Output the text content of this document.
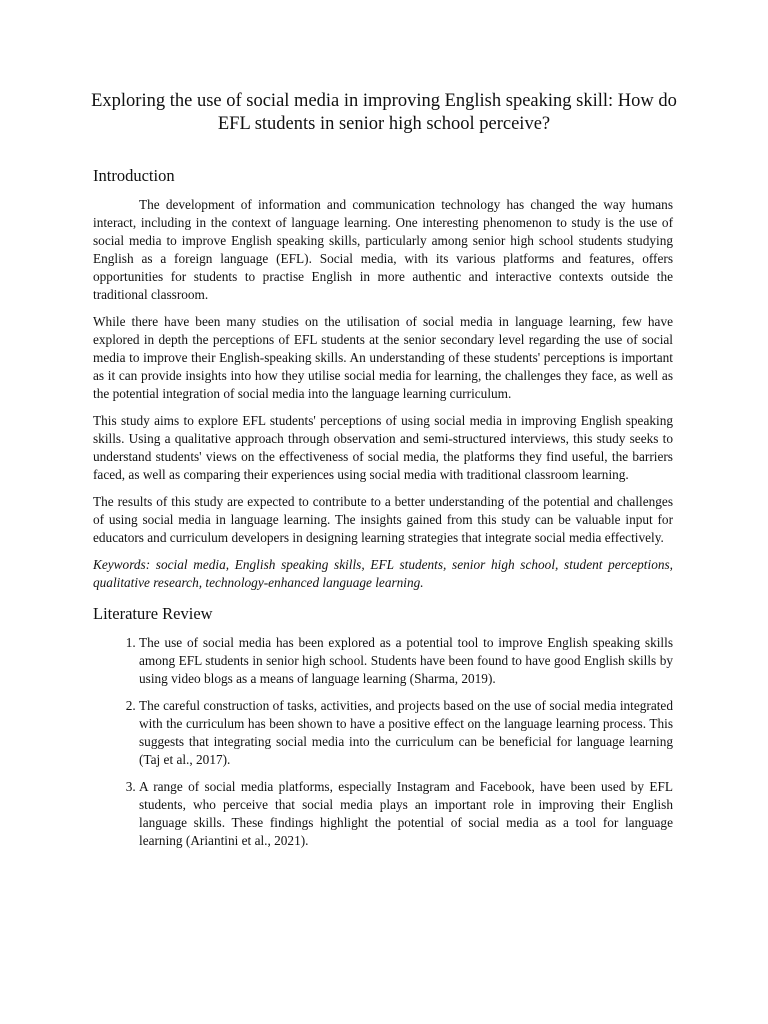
Exploring the use of social media in improving English speaking skill: How do EFL students in senior high school perceive?
Introduction

The development of information and communication technology has changed the way humans interact, including in the context of language learning. One interesting phenomenon to study is the use of social media to improve English speaking skills, particularly among senior high school students studying English as a foreign language (EFL). Social media, with its various platforms and features, offers opportunities for students to practise English in more authentic and interactive contexts outside the traditional classroom.

While there have been many studies on the utilisation of social media in language learning, few have explored in depth the perceptions of EFL students at the senior secondary level regarding the use of social media to improve their English-speaking skills. An understanding of these students' perceptions is important as it can provide insights into how they utilise social media for learning, the challenges they face, as well as the potential integration of social media into the language learning curriculum.

This study aims to explore EFL students' perceptions of using social media in improving English speaking skills. Using a qualitative approach through observation and semi-structured interviews, this study seeks to understand students' views on the effectiveness of social media, the platforms they find useful, the barriers faced, as well as comparing their experiences using social media with traditional classroom learning.

The results of this study are expected to contribute to a better understanding of the potential and challenges of using social media in language learning. The insights gained from this study can be valuable input for educators and curriculum developers in designing learning strategies that integrate social media effectively.

Keywords: social media, English speaking skills, EFL students, senior high school, student perceptions, qualitative research, technology-enhanced language learning.

Literature Review
1. The use of social media has been explored as a potential tool to improve English speaking skills among EFL students in senior high school. Students have been found to have good English skills by using video blogs as a means of language learning (Sharma, 2019).
2. The careful construction of tasks, activities, and projects based on the use of social media integrated with the curriculum has been shown to have a positive effect on the language learning process. This suggests that integrating social media into the curriculum can be beneficial for language learning (Taj et al., 2017).
3. A range of social media platforms, especially Instagram and Facebook, have been used by EFL students, who perceive that social media plays an important role in improving their English language skills. These findings highlight the potential of social media as a tool for language learning (Ariantini et al., 2021).
